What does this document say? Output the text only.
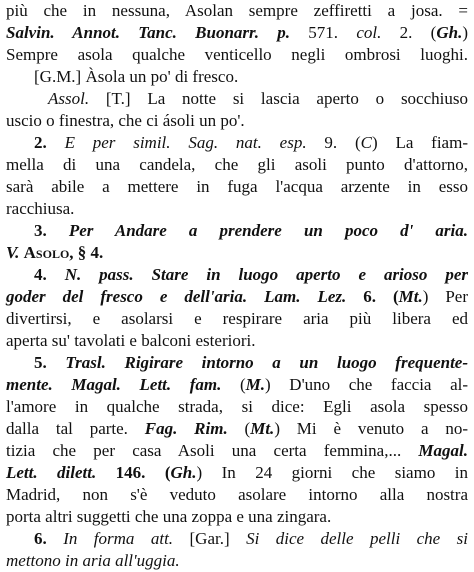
più che in nessuna, Asolan sempre zeffiretti a josa. =
Salvin. Annot. Tanc. Buonarr. p. 571. col. 2. (Gh.)
Sempre asola qualche venticello negli ombrosi luoghi.
[G.M.] Àsola un po' di fresco.
Assol. [T.] La notte si lascia aperto o socchiuso
uscio o finestra, che ci ásoli un po'.
2. E per simil. Sag. nat. esp. 9. (C) La fiam-
mella di una candela, che gli asoli punto d'attorno,
sarà abile a mettere in fuga l'acqua arzente in esso
racchiusa.
3. Per Andare a prendere un poco d' aria.
V. Asolo, § 4.
4. N. pass. Stare in luogo aperto e arioso per
goder del fresco e dell'aria. Lam. Lez. 6. (Mt.) Per
divertirsi, e asolarsi e respirare aria più libera ed
aperta su' tavolati e balconi esteriori.
5. Trasl. Rigirare intorno a un luogo frequente-
mente. Magal. Lett. fam. (M.) D'uno che faccia al-
l'amore in qualche strada, si dice: Egli asola spesso
dalla tal parte. Fag. Rim. (Mt.) Mi è venuto a no-
tizia che per casa Asoli una certa femmina,... Magal.
Lett. dilett. 146. (Gh.) In 24 giorni che siamo in
Madrid, non s'è veduto asolare intorno alla nostra
porta altri suggetti che una zoppa e una zingara.
6. In forma att. [Gar.] Si dice delle pelli che si
mettono in aria all'uggia.
